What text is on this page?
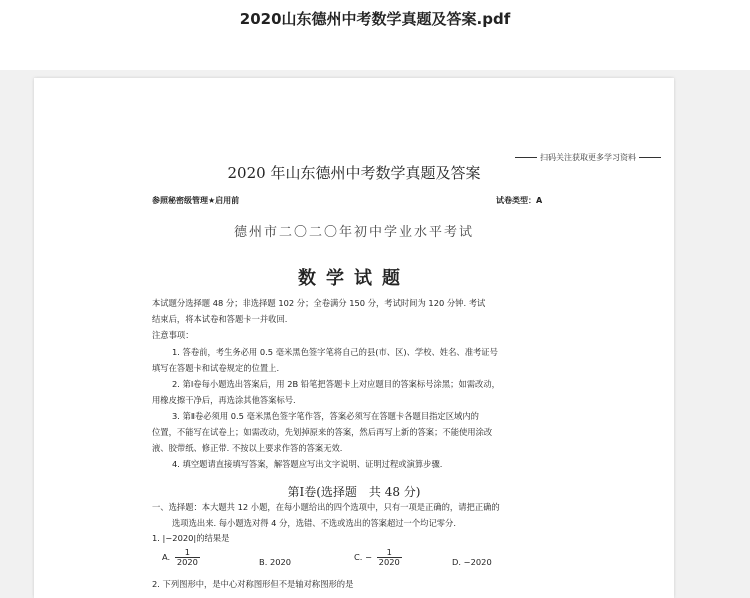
2020山东德州中考数学真题及答案.pdf
扫码关注获取更多学习资料
2020 年山东德州中考数学真题及答案
参照秘密级管理★启用前	试卷类型：A
德州市二〇二〇年初中学业水平考试
数学试题
本试题分选择题 48 分；非选择题 102 分；全卷满分 150 分，考试时间为 120 分钟. 考试
结束后，将本试卷和答题卡一并收回.
注意事项：
1. 答卷前，考生务必用 0.5 毫米黑色签字笔将自己的县(市、区)、学校、姓名、准考证号
填写在答题卡和试卷规定的位置上.
2. 第Ⅰ卷每小题选出答案后，用 2B 铅笔把答题卡上对应题目的答案标号涂黑；如需改动，
用橡皮擦干净后，再选涂其他答案标号.
3. 第Ⅱ卷必须用 0.5 毫米黑色签字笔作答，答案必须写在答题卡各题目指定区域内的
位置，不能写在试卷上；如需改动，先划掉原来的答案，然后再写上新的答案；不能使用涂改
液、胶带纸、修正带. 不按以上要求作答的答案无效.
4. 填空题请直接填写答案，解答题应写出文字说明、证明过程或演算步骤.
第Ⅰ卷(选择题　共 48 分)
一、选择题：本大题共 12 小题，在每小题给出的四个选项中，只有一项是正确的，请把正确的
选项选出来. 每小题选对得 4 分，选错、不选或选出的答案超过一个均记零分.
1. |−2020|的结果是
A. $\frac{1}{2020}$	B. 2020	C. − $\frac{1}{2020}$	D. −2020
2. 下列图形中，是中心对称图形但不是轴对称图形的是
